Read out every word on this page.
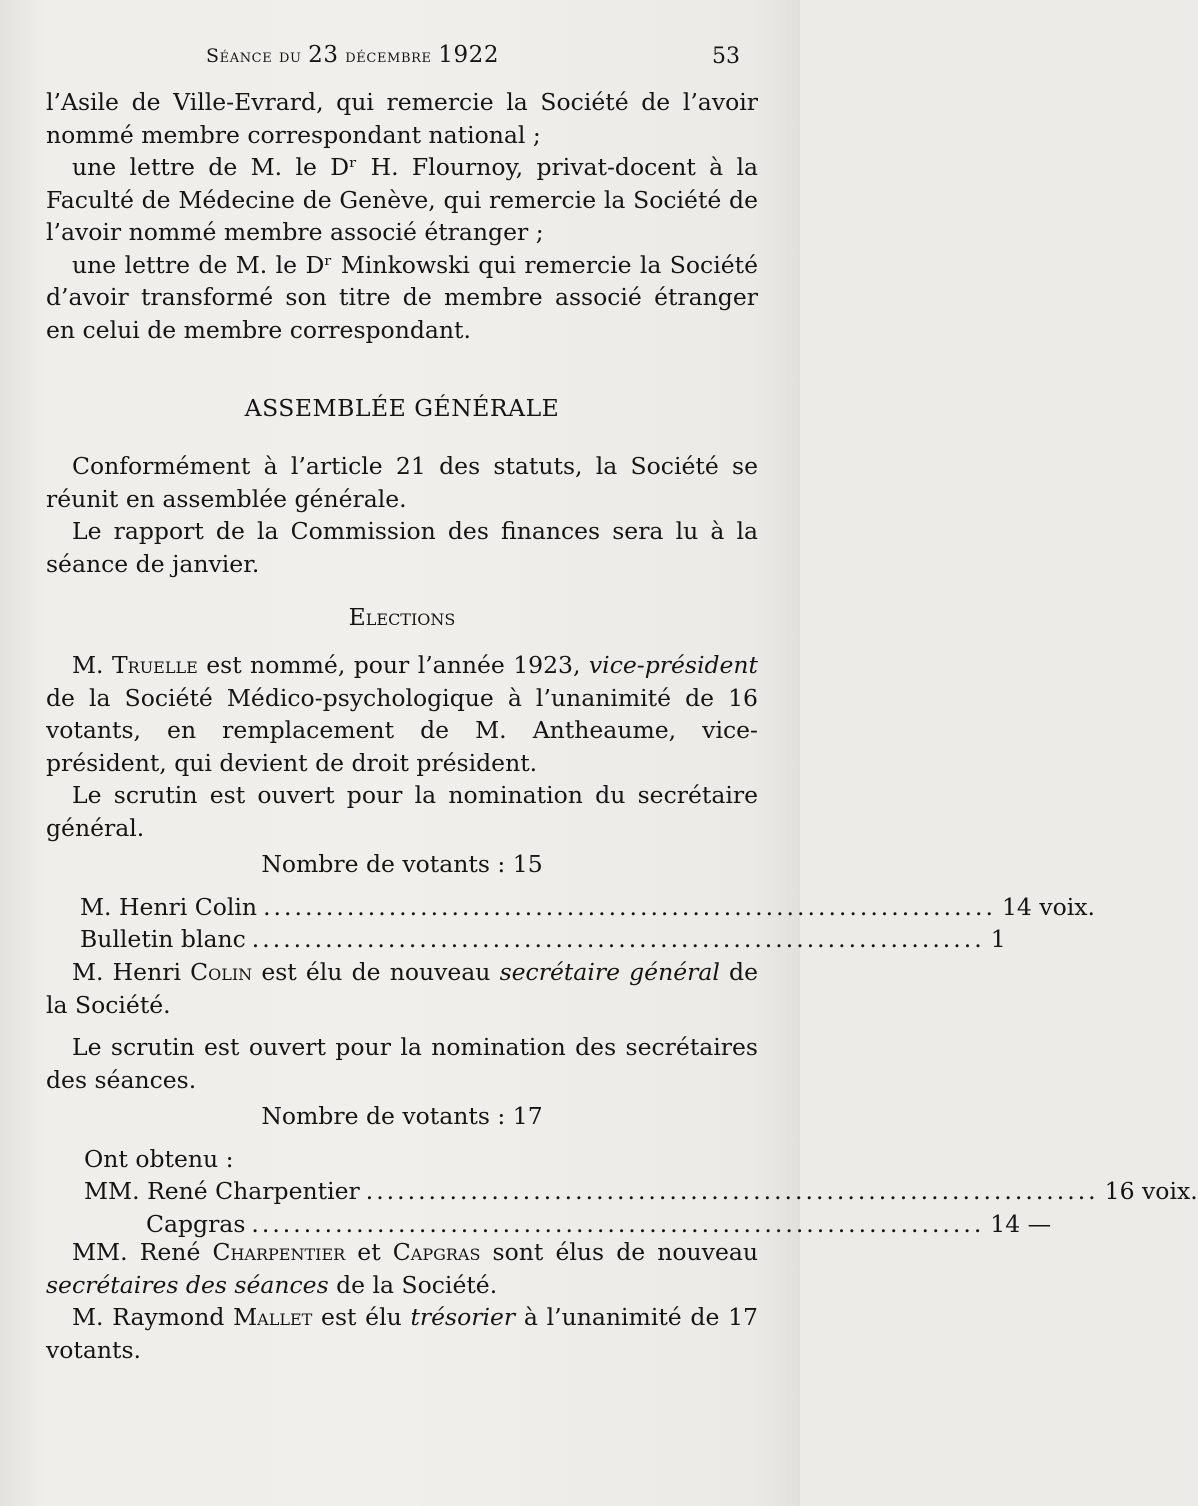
Séance du 23 décembre 1922	53

l’Asile de Ville-Evrard, qui remercie la Société de l’avoir nommé membre correspondant national ;

une lettre de M. le Dʳ H. Flournoy, privat-docent à la Faculté de Médecine de Genève, qui remercie la Société de l’avoir nommé membre associé étranger ;

une lettre de M. le Dʳ Minkowski qui remercie la Société d’avoir transformé son titre de membre associé étranger en celui de membre correspondant.

ASSEMBLÉE GÉNÉRALE

Conformément à l’article 21 des statuts, la Société se réunit en assemblée générale.

Le rapport de la Commission des finances sera lu à la séance de janvier.

Elections

M. Truelle est nommé, pour l’année 1923, vice-président de la Société Médico-psychologique à l’unanimité de 16 votants, en remplacement de M. Antheaume, vice-président, qui devient de droit président.

Le scrutin est ouvert pour la nomination du secrétaire général.

Nombre de votants : 15

M. Henri Colin ...................................................................... 14 voix.
Bulletin blanc ...................................................................... 1

M. Henri Colin est élu de nouveau secrétaire général de la Société.

Le scrutin est ouvert pour la nomination des secrétaires des séances.

Nombre de votants : 17

Ont obtenu :

MM. René Charpentier ...................................................................... 16 voix.
Capgras ...................................................................... 14 —

MM. René Charpentier et Capgras sont élus de nouveau secrétaires des séances de la Société.

M. Raymond Mallet est élu trésorier à l’unanimité de 17 votants.
